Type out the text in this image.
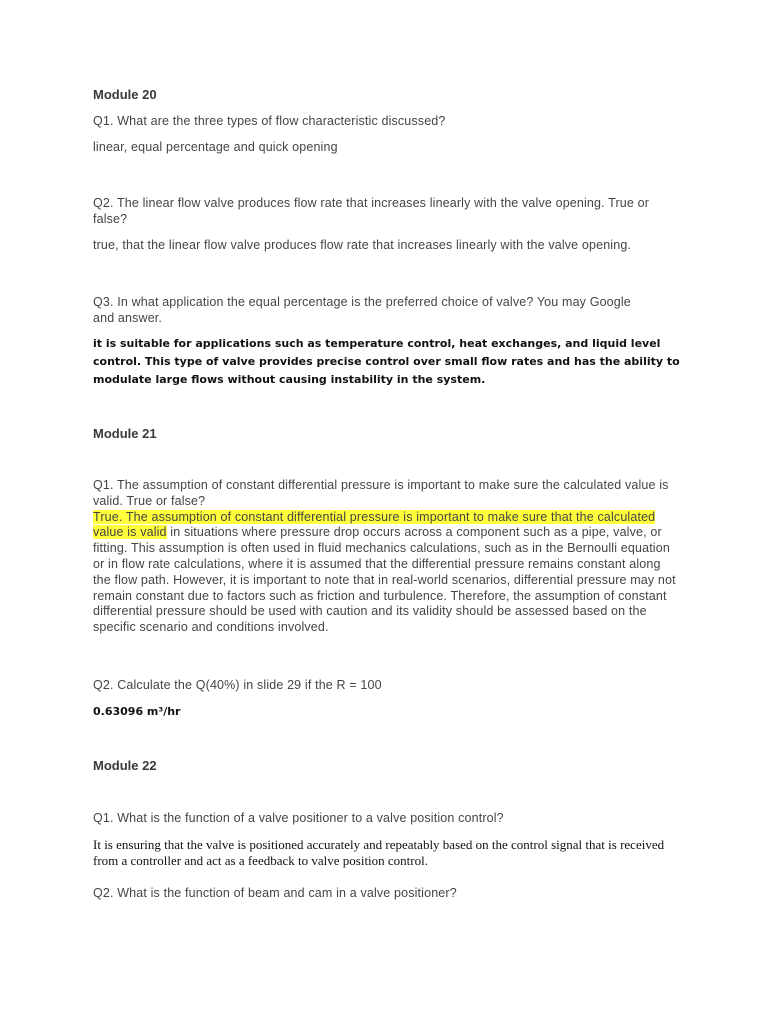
Module 20

Q1. What are the three types of flow characteristic discussed?

linear, equal percentage and quick opening

Q2. The linear flow valve produces flow rate that increases linearly with the valve opening. True or false?

true, that the linear flow valve produces flow rate that increases linearly with the valve opening.

Q3. In what application the equal percentage is the preferred choice of valve? You may Google and answer.

it is suitable for applications such as temperature control, heat exchanges, and liquid level control. This type of valve provides precise control over small flow rates and has the ability to modulate large flows without causing instability in the system.

Module 21

Q1. The assumption of constant differential pressure is important to make sure the calculated value is valid. True or false?

True. The assumption of constant differential pressure is important to make sure that the calculated value is valid in situations where pressure drop occurs across a component such as a pipe, valve, or fitting. This assumption is often used in fluid mechanics calculations, such as in the Bernoulli equation or in flow rate calculations, where it is assumed that the differential pressure remains constant along the flow path. However, it is important to note that in real-world scenarios, differential pressure may not remain constant due to factors such as friction and turbulence. Therefore, the assumption of constant differential pressure should be used with caution and its validity should be assessed based on the specific scenario and conditions involved.

Q2. Calculate the Q(40%) in slide 29 if the R = 100

0.63096 m³/hr

Module 22

Q1. What is the function of a valve positioner to a valve position control?

It is ensuring that the valve is positioned accurately and repeatably based on the control signal that is received from a controller and act as a feedback to valve position control.

Q2. What is the function of beam and cam in a valve positioner?
